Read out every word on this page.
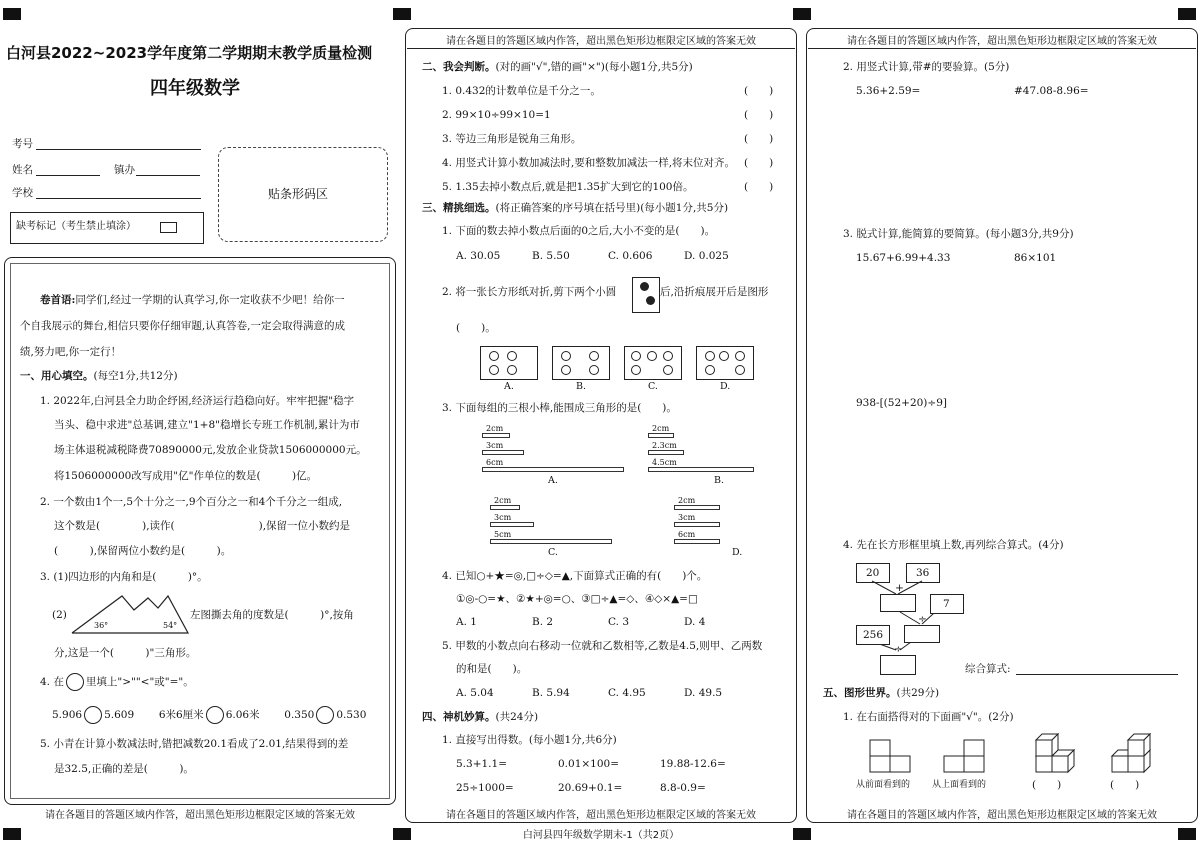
白河县2022~2023学年度第二学期期末教学质量检测
四年级数学
考号
姓名	镇办
学校
缺考标记（考生禁止填涂）
贴条形码区
卷首语:同学们,经过一学期的认真学习,你一定收获不少吧！给你一
个自我展示的舞台,相信只要你仔细审题,认真答卷,一定会取得满意的成
绩,努力吧,你一定行！
一、用心填空。(每空1分,共12分)
1. 2022年,白河县全力助企纾困,经济运行趋稳向好。牢牢把握"稳字
当头、稳中求进"总基调,建立"1+8"稳增长专班工作机制,累计为市
场主体退税减税降费70890000元,发放企业贷款1506000000元。
将1506000000改写成用"亿"作单位的数是(　　　)亿。
2. 一个数由1个一,5个十分之一,9个百分之一和4个千分之一组成,
这个数是(　　　　),读作(　　　　　　　　),保留一位小数约是
(　　　),保留两位小数约是(　　　)。
3. (1)四边形的内角和是(　　　)°。
(2)
36°	54°
左图撕去角的度数是(　　　)°,按角
分,这是一个(　　　)"三角形。
4. 在 里填上">""<"或"="。
5.906 5.609 6米6厘米 6.06米 0.350 0.530
5. 小青在计算小数减法时,错把减数20.1看成了2.01,结果得到的差
是32.5,正确的差是(　　　)。
请在各题目的答题区域内作答，超出黑色矩形边框限定区域的答案无效
请在各题目的答题区域内作答，超出黑色矩形边框限定区域的答案无效
二、我会判断。(对的画"√",错的画"×")(每小题1分,共5分)
1. 0.432的计数单位是千分之一。	(　　)
2. 99×10÷99×10=1	(　　)
3. 等边三角形是锐角三角形。	(　　)
4. 用竖式计算小数加减法时,要和整数加减法一样,将末位对齐。 (　　)
5. 1.35去掉小数点后,就是把1.35扩大到它的100倍。	(　　)
三、精挑细选。(将正确答案的序号填在括号里)(每小题1分,共5分)
1. 下面的数去掉小数点后面的0之后,大小不变的是(　　)。
A. 30.05	B. 5.50	C. 0.606	D. 0.025
2. 将一张长方形纸对折,剪下两个小圆	后,沿折痕展开后是图形
(　　)。
A.	B.	C.	D.
3. 下面每组的三根小棒,能围成三角形的是(　　)。
2cm
3cm
6cm
A.
2cm
2.3cm
4.5cm
B.
2cm
3cm
5cm
C.
2cm
3cm
6cm
D.
4. 已知○+★=◎,□÷◇=▲,下面算式正确的有(　　)个。
①◎-○=★、②★+◎=○、③□÷▲=◇、④◇×▲=□
A. 1	B. 2	C. 3	D. 4
5. 甲数的小数点向右移动一位就和乙数相等,乙数是4.5,则甲、乙两数
的和是(　　)。
A. 5.04	B. 5.94	C. 4.95	D. 49.5
四、神机妙算。(共24分)
1. 直接写出得数。(每小题1分,共6分)
5.3+1.1=	0.01×100=	19.88-12.6=
25÷1000=	20.69+0.1=	8.8-0.9=
请在各题目的答题区域内作答，超出黑色矩形边框限定区域的答案无效
白河县四年级数学期末-1（共2页）
请在各题目的答题区域内作答，超出黑色矩形边框限定区域的答案无效
2. 用竖式计算,带#的要验算。(5分)
5.36+2.59=	#47.08-8.96=
3. 脱式计算,能简算的要简算。(每小题3分,共9分)
15.67+6.99+4.33	86×101
938-[(52+20)÷9]
4. 先在长方形框里填上数,再列综合算式。(4分)
20	36
+
7
÷
256
÷
综合算式:
五、图形世界。(共29分)
1. 在右面搭得对的下面画"√"。(2分)
从前面看到的 从上面看到的	(　　)	(　　)
请在各题目的答题区域内作答，超出黑色矩形边框限定区域的答案无效
